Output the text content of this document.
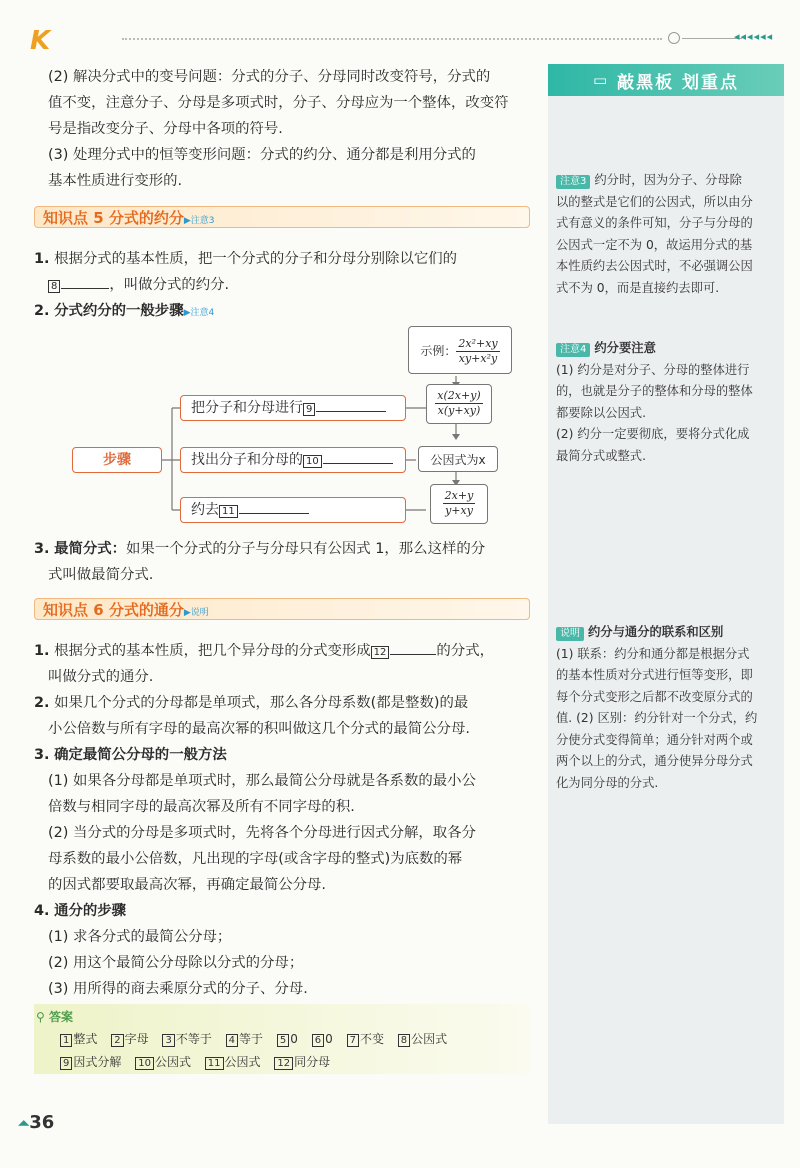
K	◂◂◂◂◂◂
▭ 敲黑板 划重点
注意3 约分时，因为分子、分母除
以的整式是它们的公因式，所以由分
式有意义的条件可知，分子与分母的
公因式一定不为 0，故运用分式的基
本性质约去公因式时，不必强调公因
式不为 0，而是直接约去即可.
注意4 约分要注意
(1) 约分是对分子、分母的整体进行
的，也就是分子的整体和分母的整体
都要除以公因式.
(2) 约分一定要彻底，要将分式化成
最简分式或整式.
说明 约分与通分的联系和区别
(1) 联系：约分和通分都是根据分式
的基本性质对分式进行恒等变形，即
每个分式变形之后都不改变原分式的
值. (2) 区别：约分针对一个分式，约
分使分式变得简单；通分针对两个或
两个以上的分式，通分使异分母分式
化为同分母的分式.
(2) 解决分式中的变号问题：分式的分子、分母同时改变符号，分式的
值不变，注意分子、分母是多项式时，分子、分母应为一个整体，改变符
号是指改变分子、分母中各项的符号.
(3) 处理分式中的恒等变形问题：分式的约分、通分都是利用分式的
基本性质进行变形的.
知识点 5 分式的约分▶注意3
1. 根据分式的基本性质，把一个分式的分子和分母分别除以它们的
8	，叫做分式的约分.
2. 分式约分的一般步骤▶注意4
步骤
把分子和分母进行 9
找出分子和分母的 10
约去 11
示例： $\frac{\text{2x²+xy}}{\text{xy+x²y}}$
$\frac{x(2x+y)}{x(y+xy)}$
公因式为x
$\frac{2x+y}{y+xy}$
3. 最简分式：如果一个分式的分子与分母只有公因式 1，那么这样的分
式叫做最简分式.
知识点 6 分式的通分▶说明
1. 根据分式的基本性质，把几个异分母的分式变形成 12	的分式，
叫做分式的通分.
2. 如果几个分式的分母都是单项式，那么各分母系数(都是整数)的最
小公倍数与所有字母的最高次幂的积叫做这几个分式的最简公分母.
3. 确定最简公分母的一般方法
(1) 如果各分母都是单项式时，那么最简公分母就是各系数的最小公
倍数与相同字母的最高次幂及所有不同字母的积.
(2) 当分式的分母是多项式时，先将各个分母进行因式分解，取各分
母系数的最小公倍数，凡出现的字母(或含字母的整式)为底数的幂
的因式都要取最高次幂，再确定最简公分母.
4. 通分的步骤
(1) 求各分式的最简公分母；
(2) 用这个最简公分母除以分式的分母；
(3) 用所得的商去乘原分式的分子、分母.
⚲ 答案
1 整式 2 字母 3 不等于 4 等于 5 0 6 0 7 不变 8 公因式
9 因式分解 10 公因式 11 公因式 12 同分母
⏶36
